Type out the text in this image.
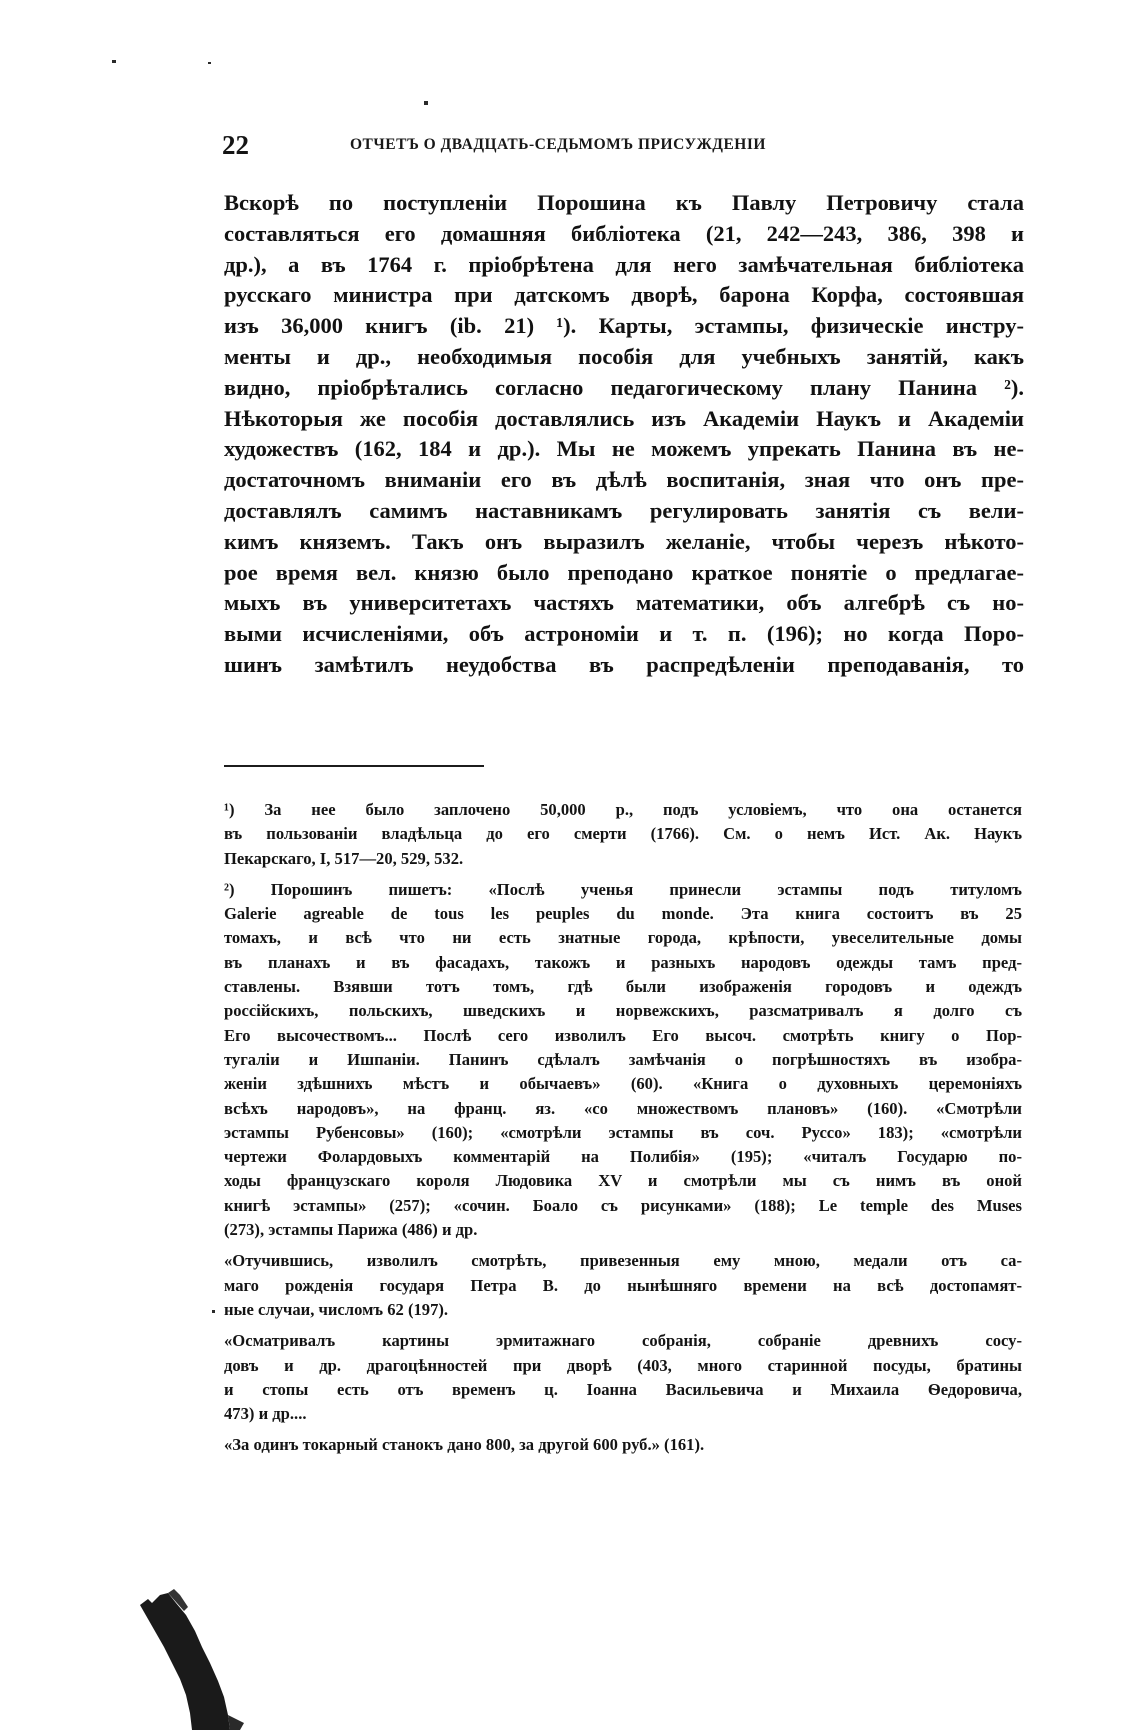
22	ОТЧЕТЪ О ДВАДЦАТЬ-СЕДЬМОМЪ ПРИСУЖДЕНIИ
Вскорѣ по поступленiи Порошина къ Павлу Петровичу стала
составляться его домашняя библiотека (21, 242—243, 386, 398 и
др.), а въ 1764 г. прiобрѣтена для него замѣчательная библiотека
русскаго министра при датскомъ дворѣ, барона Корфа, состоявшая
изъ 36,000 книгъ (ib. 21) ¹). Карты, эстампы, физическiе инстру-
менты и др., необходимыя пособiя для учебныхъ занятiй, какъ
видно, прiобрѣтались согласно педагогическому плану Панина ²).
Нѣкоторыя же пособiя доставлялись изъ Академiи Наукъ и Академiи
художествъ (162, 184 и др.). Мы не можемъ упрекать Панина въ не-
достаточномъ вниманiи его въ дѣлѣ воспитанiя, зная что онъ пре-
доставлялъ самимъ наставникамъ регулировать занятiя съ вели-
кимъ княземъ. Такъ онъ выразилъ желанiе, чтобы черезъ нѣкото-
рое время вел. князю было преподано краткое понятiе о предлагае-
мыхъ въ университетахъ частяхъ математики, объ алгебрѣ съ но-
выми исчисленiями, объ астрономiи и т. п. (196); но когда Поро-
шинъ замѣтилъ неудобства въ распредѣленiи преподаванiя, то
¹) За нее было заплочено 50,000 р., подъ условiемъ, что она останется
въ пользованiи владѣльца до его смерти (1766). См. о немъ Ист. Ак. Наукъ
Пекарскаго, I, 517—20, 529, 532.
²) Порошинъ пишетъ: «Послѣ ученья принесли эстампы подъ титуломъ
Galerie agreable de tous les peuples du monde. Эта книга состоитъ въ 25
томахъ, и всѣ что ни есть знатные города, крѣпости, увеселительные домы
въ планахъ и въ фасадахъ, такожъ и разныхъ народовъ одежды тамъ пред-
ставлены. Взявши тотъ томъ, гдѣ были изображенiя городовъ и одеждъ
россiйскихъ, польскихъ, шведскихъ и норвежскихъ, разсматривалъ я долго съ
Его высочествомъ... Послѣ сего изволилъ Его высоч. смотрѣть книгу о Пор-
тугалiи и Ишпанiи. Панинъ сдѣлалъ замѣчанiя о погрѣшностяхъ въ изобра-
женiи здѣшнихъ мѣстъ и обычаевъ» (60). «Книга о духовныхъ церемонiяхъ
всѣхъ народовъ», на франц. яз. «со множествомъ плановъ» (160). «Смотрѣли
эстампы Рубенсовы» (160); «смотрѣли эстампы въ соч. Руссо» 183); «смотрѣли
чертежи Фолардовыхъ комментарiй на Полибiя» (195); «читалъ Государю по-
ходы французскаго короля Людовика XV и смотрѣли мы съ нимъ въ оной
книгѣ эстампы» (257); «сочин. Боало съ рисунками» (188); Le temple des Muses
(273), эстампы Парижа (486) и др.
«Отучившись, изволилъ смотрѣть, привезенныя ему мною, медали отъ са-
маго рожденiя государя Петра В. до нынѣшняго времени на всѣ достопамят-
ные случаи, числомъ 62 (197).
«Осматривалъ картины эрмитажнаго собранiя, собранiе древнихъ сосу-
довъ и др. драгоцѣнностей при дворѣ (403, много старинной посуды, братины
и стопы есть отъ временъ ц. Iоанна Васильевича и Михаила Ѳедоровича,
473) и др....
«За одинъ токарный станокъ дано 800, за другой 600 руб.» (161).
